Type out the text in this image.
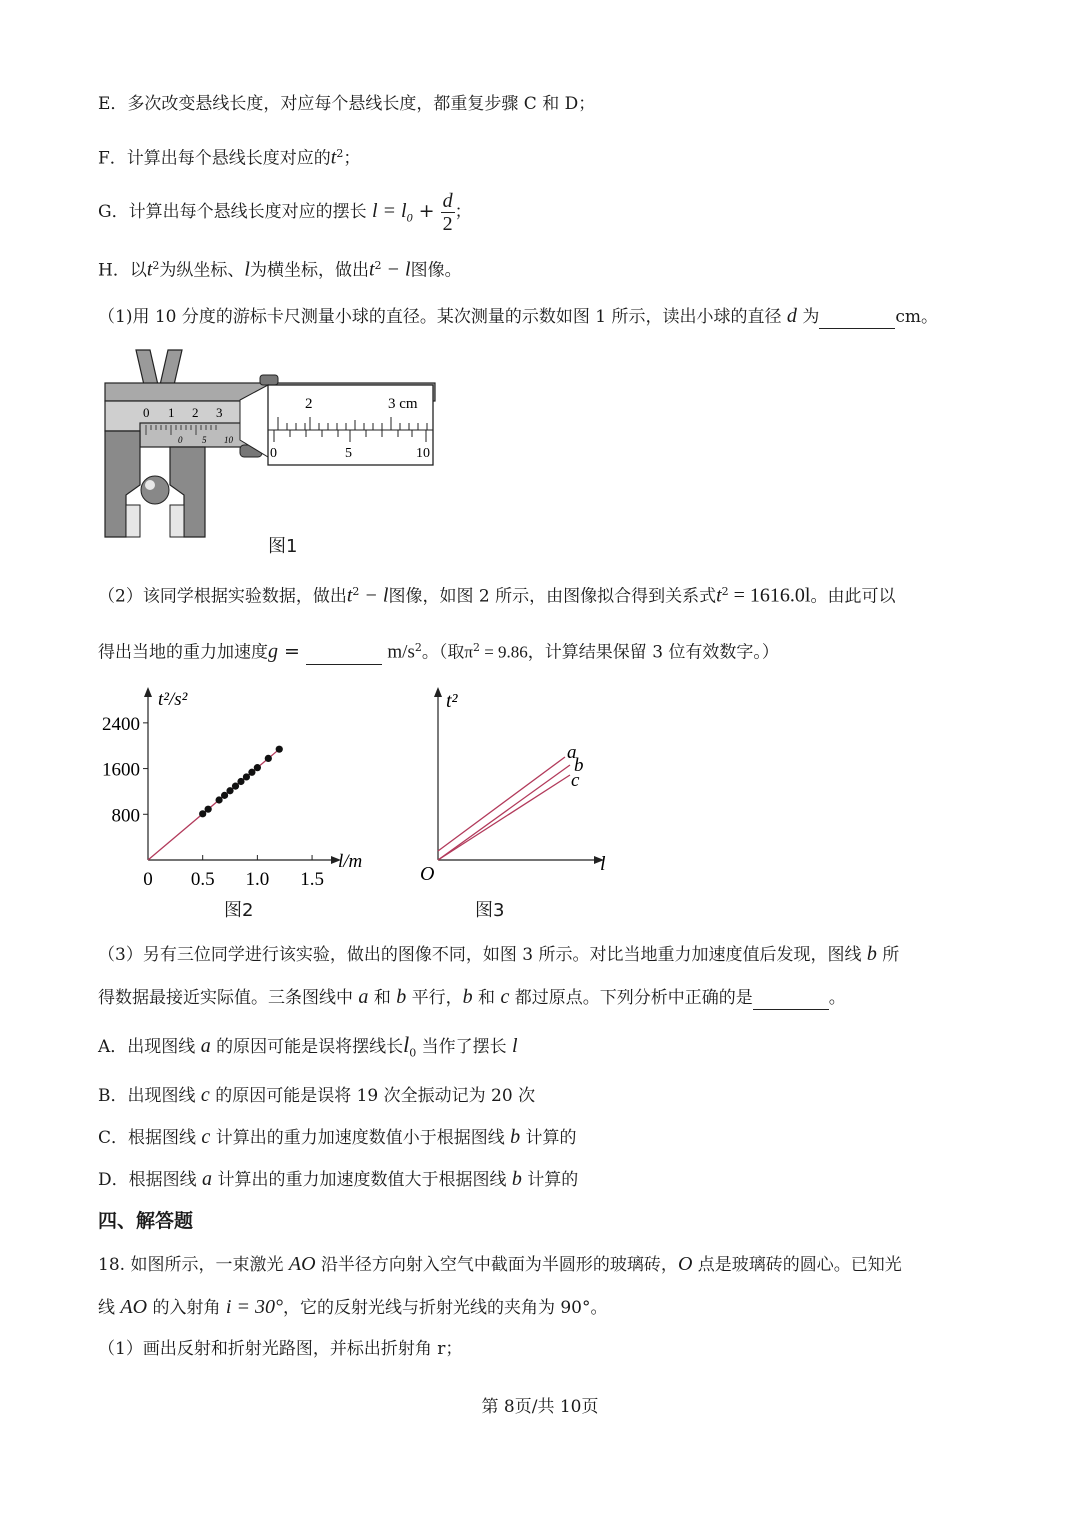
E．多次改变悬线长度，对应每个悬线长度，都重复步骤 C 和 D；
F．计算出每个悬线长度对应的$t^2$；
G．计算出每个悬线长度对应的摆长 $l = l_0 + \frac{d}{2}$ ；
H．以$t^2$为纵坐标、l为横坐标，做出$t^2 - l$图像。
（1)用 10 分度的游标卡尺测量小球的直径。某次测量的示数如图 1 所示，读出小球的直径 d 为	cm。
0 1 2 3
0 5 10
2	3 cm
0	5	10
图1
（2）该同学根据实验数据，做出$t^2 - l$图像，如图 2 所示，由图像拟合得到关系式$t^2 = 1616.0l$。由此可以
得出当地的重力加速度g =	$m/s^2$。（取$\pi^2 = 9.86$，计算结果保留 3 位有效数字。）
t²/s²
l/m
2400
1600
800
0 0.5 1.0 1.5
图2
t²
l
O
a
b
c
图3
（3）另有三位同学进行该实验，做出的图像不同，如图 3 所示。对比当地重力加速度值后发现，图线 b 所
得数据最接近实际值。三条图线中 a 和 b 平行，b 和 c 都过原点。下列分析中正确的是	。
A．出现图线 a 的原因可能是误将摆线长$l_0$ 当作了摆长 l
B．出现图线 c 的原因可能是误将 19 次全振动记为 20 次
C．根据图线 c 计算出的重力加速度数值小于根据图线 b 计算的
D．根据图线 a 计算出的重力加速度数值大于根据图线 b 计算的
四、解答题
18. 如图所示，一束激光 AO 沿半径方向射入空气中截面为半圆形的玻璃砖，O 点是玻璃砖的圆心。已知光
线 AO 的入射角 i = 30°，它的反射光线与折射光线的夹角为 90°。
（1）画出反射和折射光路图，并标出折射角 r；
第 8页/共 10页
